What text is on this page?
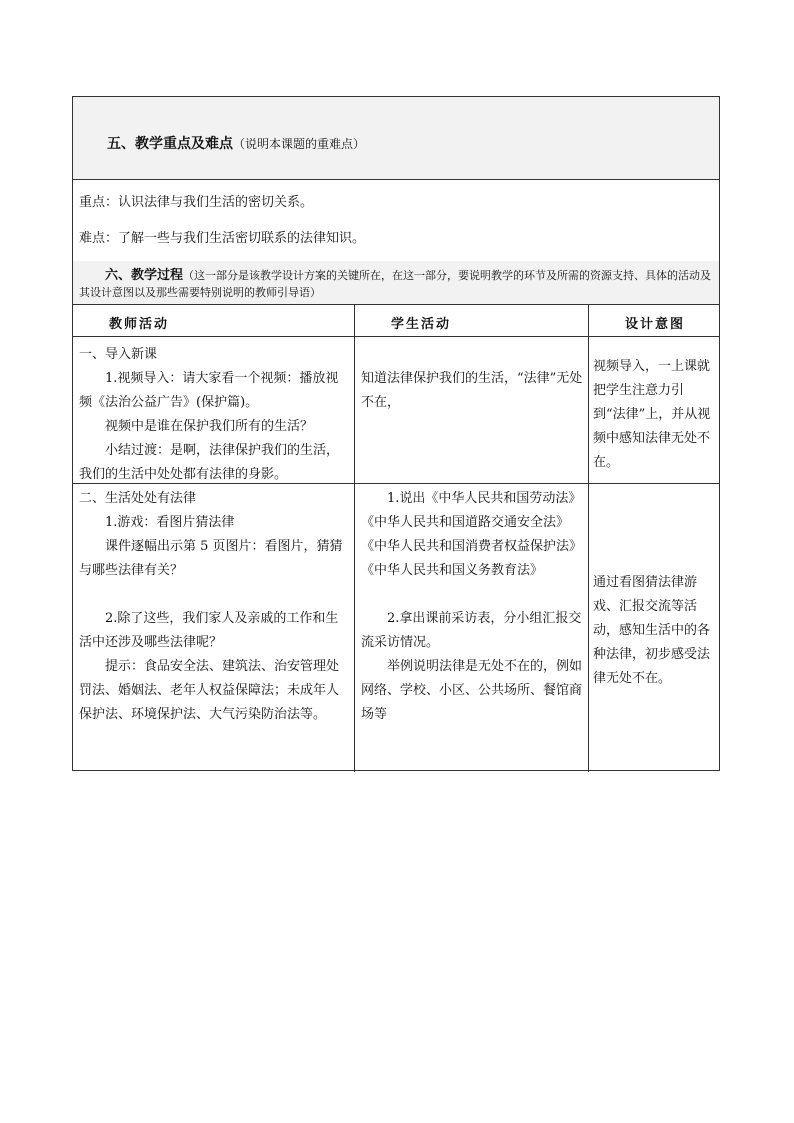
五、教学重点及难点（说明本课题的重难点）
重点：认识法律与我们生活的密切关系。
难点：了解一些与我们生活密切联系的法律知识。
六、教学过程（这一部分是该教学设计方案的关键所在，在这一部分，要说明教学的环节及所需的资源支持、具体的活动及其设计意图以及那些需要特别说明的教师引导语）
教师活动	学生活动	设计意图

一、导入新课

1.视频导入：请大家看一个视频：播放视频《法治公益广告》(保护篇)。

视频中是谁在保护我们所有的生活？

小结过渡：是啊，法律保护我们的生活，我们的生活中处处都有法律的身影。

知道法律保护我们的生活，“法律”无处不在，

视频导入，一上课就把学生注意力引到“法律”上，并从视频中感知法律无处不在。

二、生活处处有法律

1.游戏：看图片猜法律

课件逐幅出示第 5 页图片：看图片，猜猜与哪些法律有关？

2.除了这些，我们家人及亲戚的工作和生活中还涉及哪些法律呢？

提示：食品安全法、建筑法、治安管理处罚法、婚姻法、老年人权益保障法；未成年人保护法、环境保护法、大气污染防治法等。

1.说出《中华人民共和国劳动法》《中华人民共和国道路交通安全法》《中华人民共和国消费者权益保护法》《中华人民共和国义务教育法》

2.拿出课前采访表，分小组汇报交流采访情况。

举例说明法律是无处不在的，例如网络、学校、小区、公共场所、餐馆商场等

通过看图猜法律游戏、汇报交流等活动，感知生活中的各种法律，初步感受法律无处不在。
